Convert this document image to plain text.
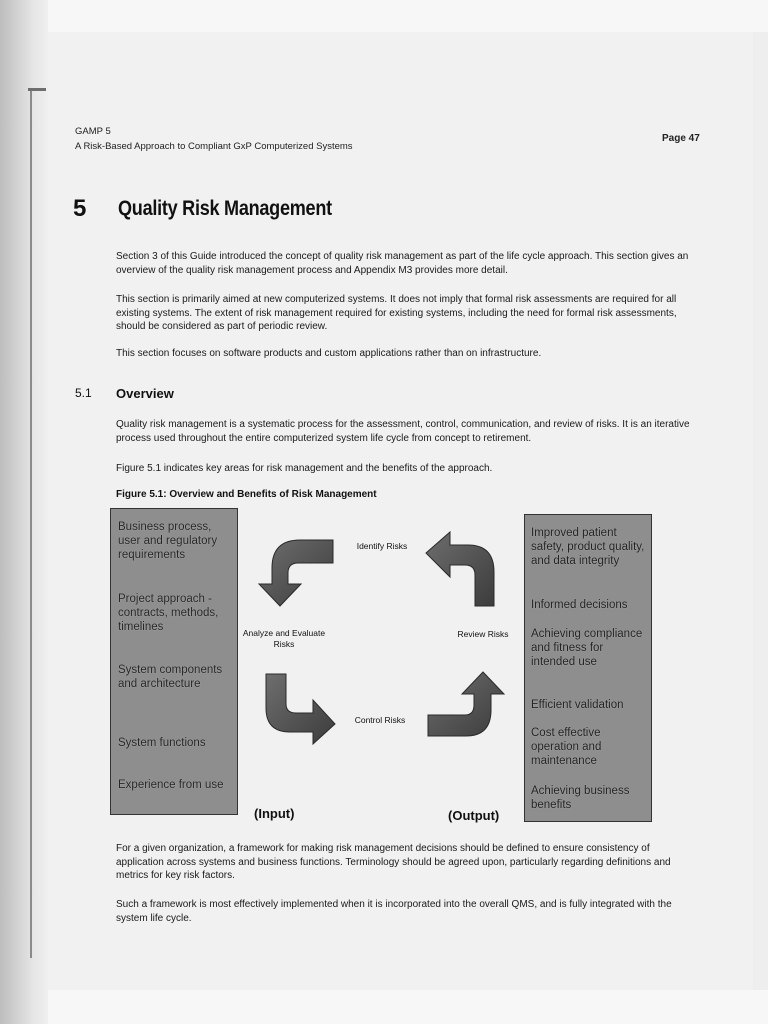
GAMP 5
A Risk-Based Approach to Compliant GxP Computerized Systems
Page 47
5 Quality Risk Management
Section 3 of this Guide introduced the concept of quality risk management as part of the life cycle approach. This section gives an overview of the quality risk management process and Appendix M3 provides more detail.
This section is primarily aimed at new computerized systems. It does not imply that formal risk assessments are required for all existing systems. The extent of risk management required for existing systems, including the need for formal risk assessments, should be considered as part of periodic review.
This section focuses on software products and custom applications rather than on infrastructure.
5.1 Overview
Quality risk management is a systematic process for the assessment, control, communication, and review of risks. It is an iterative process used throughout the entire computerized system life cycle from concept to retirement.
Figure 5.1 indicates key areas for risk management and the benefits of the approach.
Figure 5.1: Overview and Benefits of Risk Management
Business process, user and regulatory requirements
Project approach - contracts, methods, timelines
System components and architecture
System functions
Experience from use
Improved patient safety, product quality, and data integrity
Informed decisions
Achieving compliance and fitness for intended use
Efficient validation
Cost effective operation and maintenance
Achieving business benefits
Identify Risks
Analyze and Evaluate Risks
Review Risks
Control Risks
(Input)	(Output)
For a given organization, a framework for making risk management decisions should be defined to ensure consistency of application across systems and business functions. Terminology should be agreed upon, particularly regarding definitions and metrics for key risk factors.
Such a framework is most effectively implemented when it is incorporated into the overall QMS, and is fully integrated with the system life cycle.
